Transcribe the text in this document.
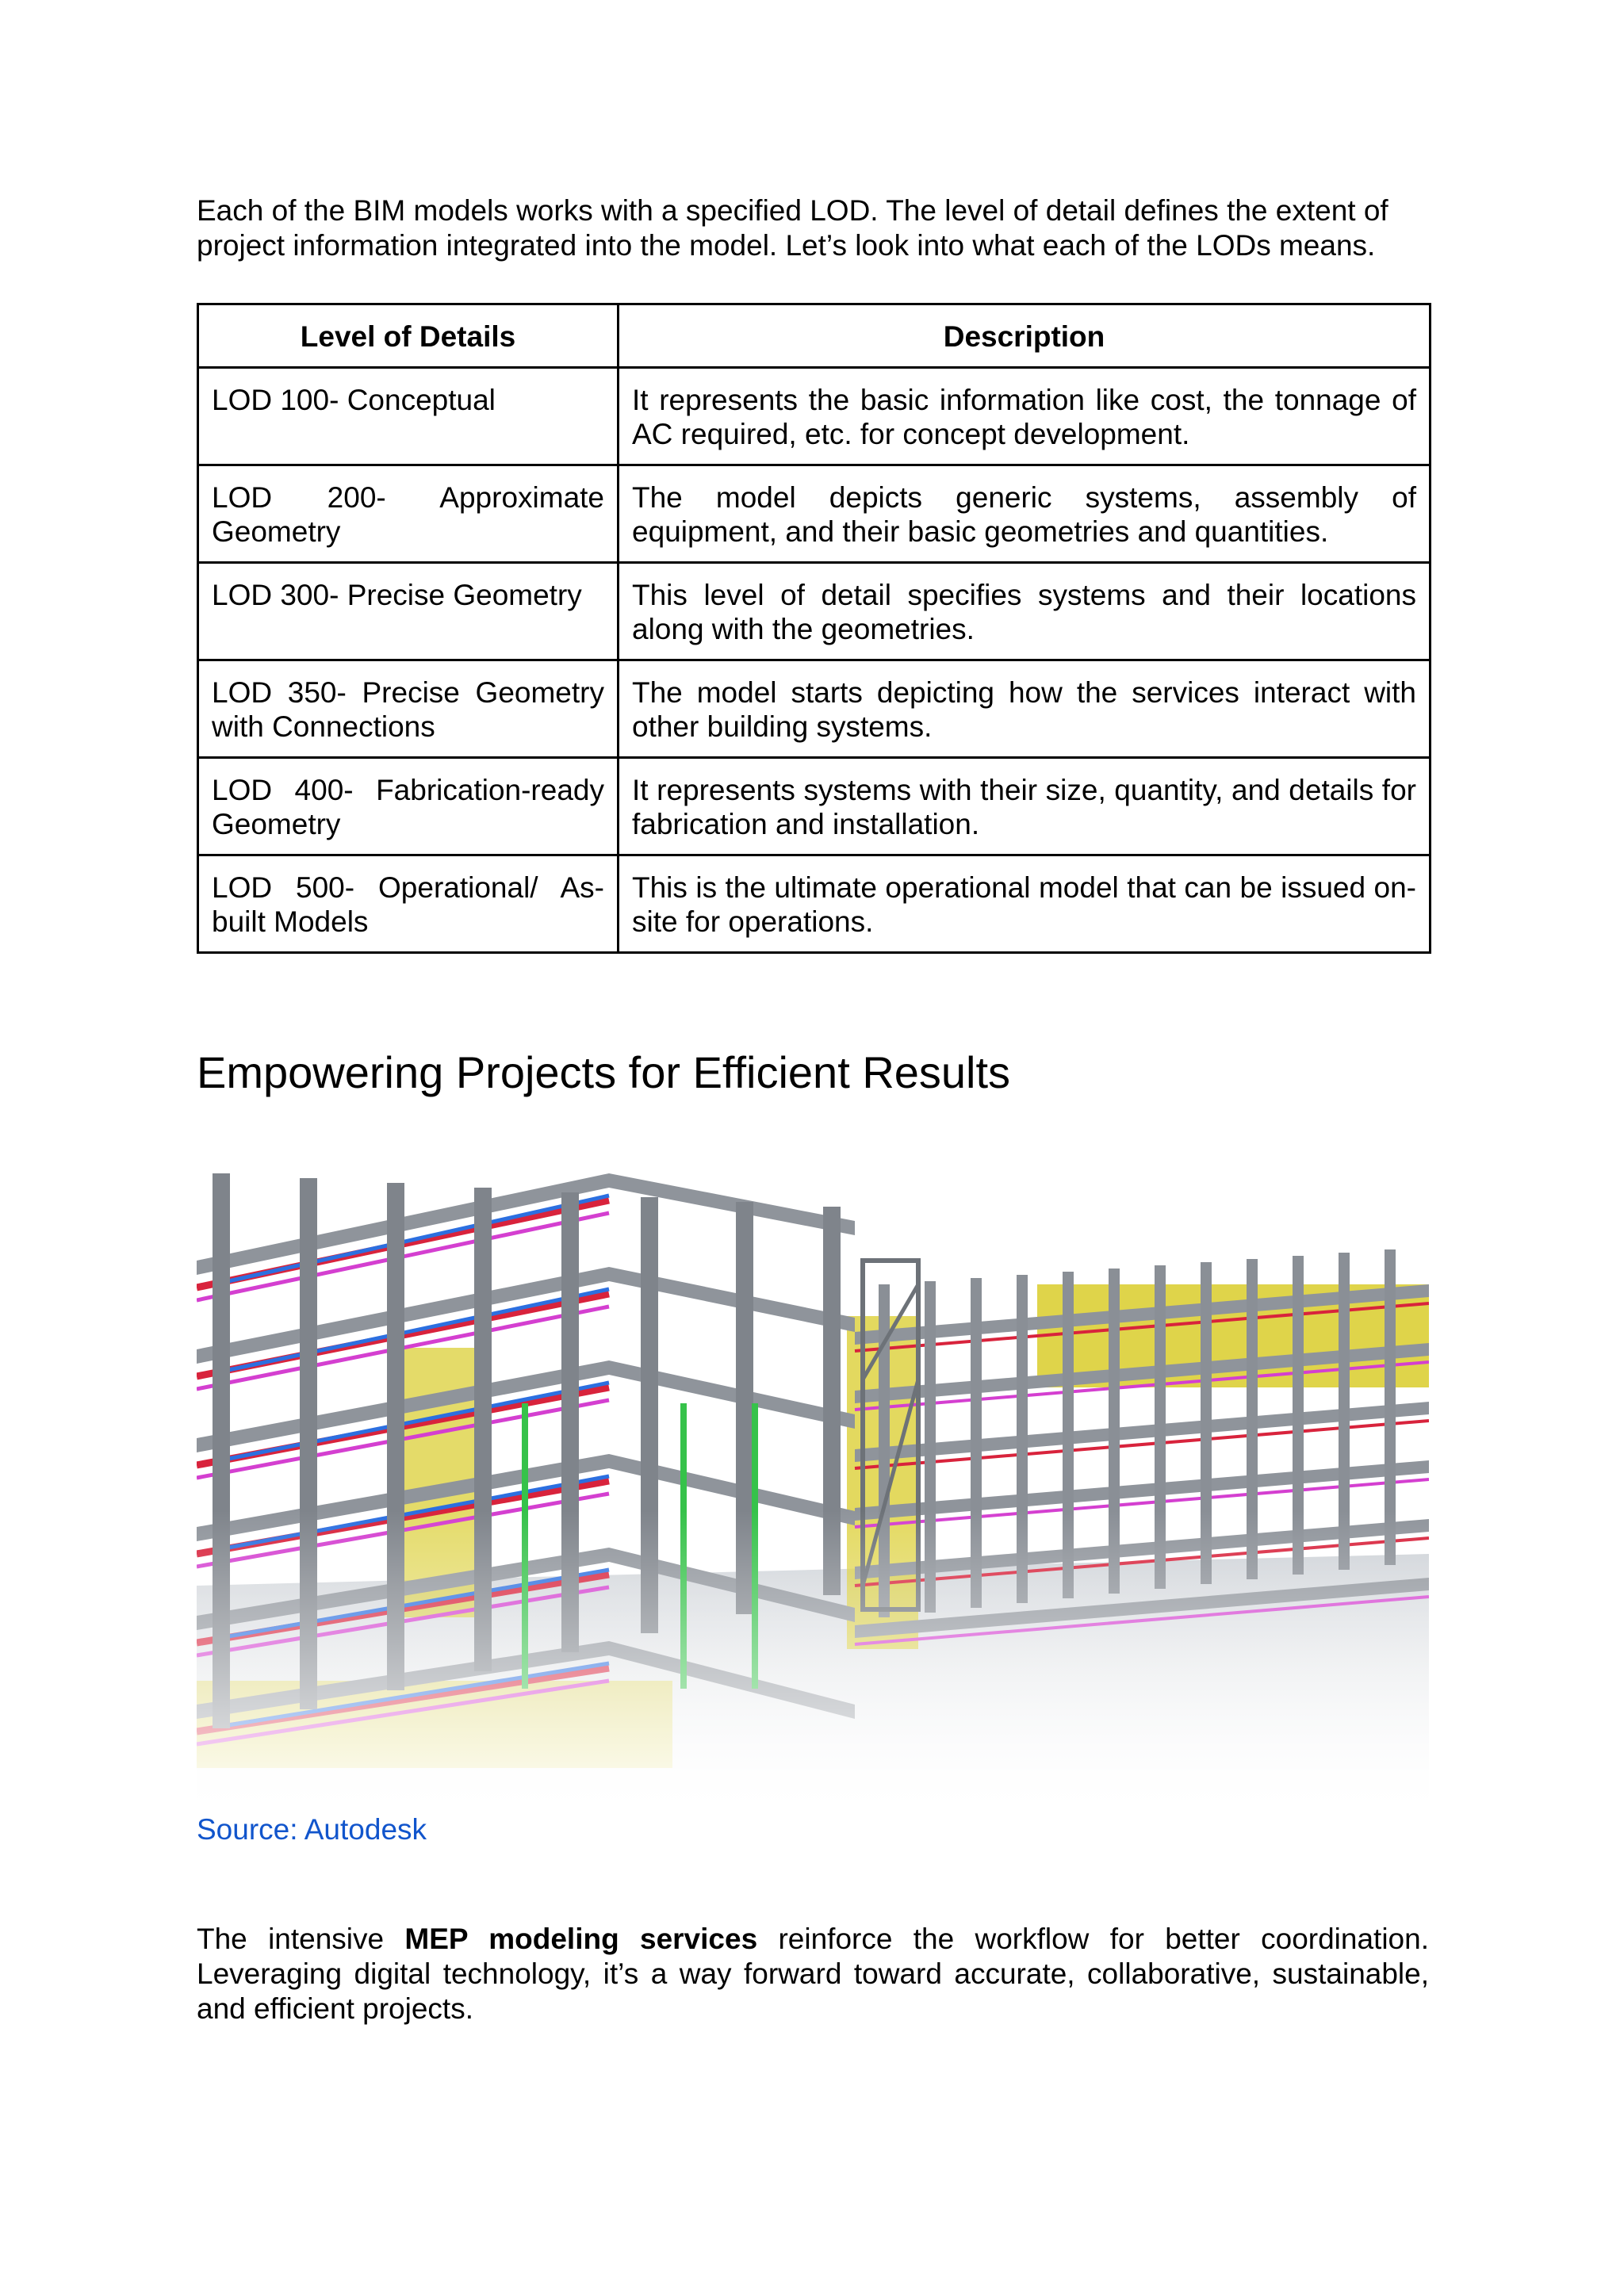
Each of the BIM models works with a specified LOD. The level of detail defines the extent of project information integrated into the model. Let’s look into what each of the LODs means.

Level of Details	Description
LOD 100- Conceptual	It represents the basic information like cost, the tonnage of AC required, etc. for concept development.
LOD 200- Approximate Geometry	The model depicts generic systems, assembly of equipment, and their basic geometries and quantities.
LOD 300- Precise Geometry	This level of detail specifies systems and their locations along with the geometries.
LOD 350- Precise Geometry with Connections	The model starts depicting how the services interact with other building systems.
LOD 400- Fabrication-ready Geometry	It represents systems with their size, quantity, and details for fabrication and installation.
LOD 500- Operational/ As-built Models	This is the ultimate operational model that can be issued on-site for operations.
Empowering Projects for Efficient Results

Source: Autodesk

The intensive MEP modeling services reinforce the workflow for better coordination. Leveraging digital technology, it’s a way forward toward accurate, collaborative, sustainable, and efficient projects.
